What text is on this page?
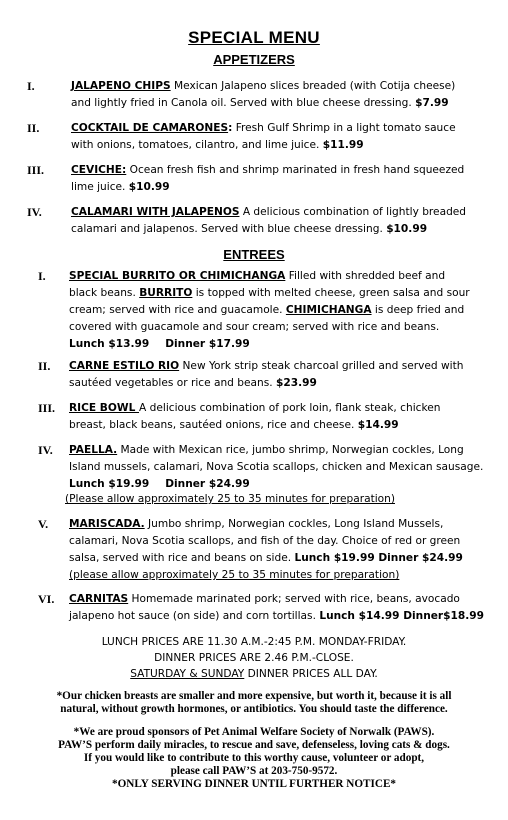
SPECIAL MENU
APPETIZERS
I.	JALAPENO CHIPS Mexican Jalapeno slices breaded (with Cotija cheese)
and lightly fried in Canola oil. Served with blue cheese dressing. $7.99
II.	COCKTAIL DE CAMARONES: Fresh Gulf Shrimp in a light tomato sauce
with onions, tomatoes, cilantro, and lime juice. $11.99
III.	CEVICHE: Ocean fresh fish and shrimp marinated in fresh hand squeezed
lime juice. $10.99
IV.	CALAMARI WITH JALAPENOS A delicious combination of lightly breaded
calamari and jalapenos. Served with blue cheese dressing. $10.99
ENTREES
I. SPECIAL BURRITO OR CHIMICHANGA Filled with shredded beef and
black beans. BURRITO is topped with melted cheese, green salsa and sour
cream; served with rice and guacamole. CHIMICHANGA is deep fried and
covered with guacamole and sour cream; served with rice and beans.
Lunch $13.99 Dinner $17.99
II. CARNE ESTILO RIO New York strip steak charcoal grilled and served with
sautéed vegetables or rice and beans. $23.99
III. RICE BOWL A delicious combination of pork loin, flank steak, chicken
breast, black beans, sautéed onions, rice and cheese. $14.99
IV. PAELLA. Made with Mexican rice, jumbo shrimp, Norwegian cockles, Long
Island mussels, calamari, Nova Scotia scallops, chicken and Mexican sausage.
Lunch $19.99 Dinner $24.99
(Please allow approximately 25 to 35 minutes for preparation)
V. MARISCADA. Jumbo shrimp, Norwegian cockles, Long Island Mussels,
calamari, Nova Scotia scallops, and fish of the day. Choice of red or green
salsa, served with rice and beans on side. Lunch $19.99 Dinner $24.99
(please allow approximately 25 to 35 minutes for preparation)
VI. CARNITAS Homemade marinated pork; served with rice, beans, avocado
jalapeno hot sauce (on side) and corn tortillas. Lunch $14.99 Dinner$18.99
LUNCH PRICES ARE 11.30 A.M.-2:45 P.M. MONDAY-FRIDAY.
DINNER PRICES ARE 2.46 P.M.-CLOSE.
SATURDAY & SUNDAY DINNER PRICES ALL DAY.
*Our chicken breasts are smaller and more expensive, but worth it, because it is all
natural, without growth hormones, or antibiotics. You should taste the difference.
*We are proud sponsors of Pet Animal Welfare Society of Norwalk (PAWS).
PAW’S perform daily miracles, to rescue and save, defenseless, loving cats & dogs.
If you would like to contribute to this worthy cause, volunteer or adopt,
please call PAW’S at 203-750-9572.
*ONLY SERVING DINNER UNTIL FURTHER NOTICE*
